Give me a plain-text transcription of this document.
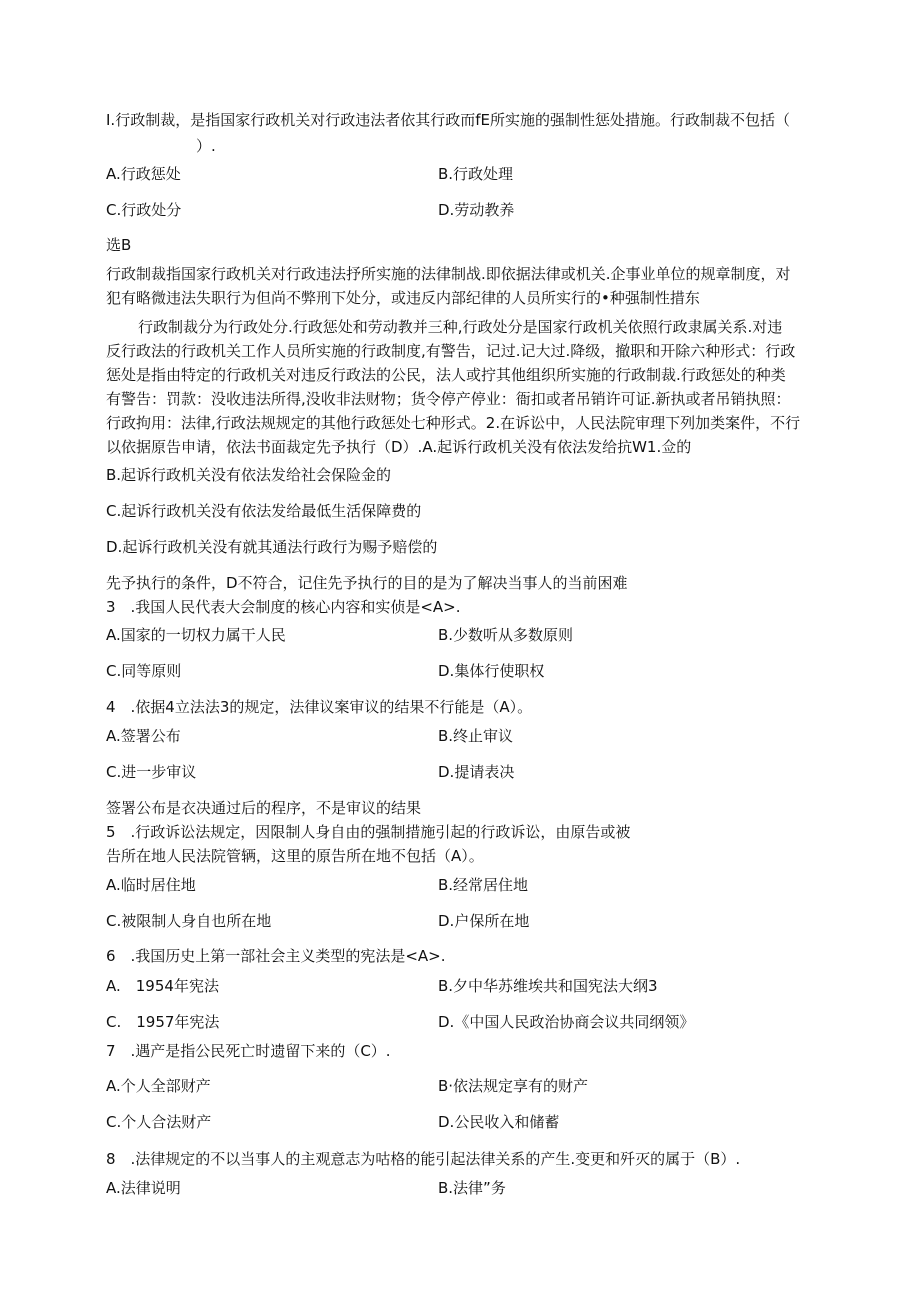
I.行政制裁，是指国家行政机关对行政违法者依其行政而fE所实施的强制性惩处措施。行政制裁不包括（
）.
A.行政惩处	B.行政处理
C.行政处分	D.劳动教养
选B
行政制裁指国家行政机关对行政违法抒所实施的法律制战.即依据法律或机关.企事业单位的规章制度，对
犯有略微违法失职行为但尚不弊刑下处分，或违反内部纪律的人员所实行的•种强制性措东
行政制裁分为行政处分.行政惩处和劳动教并三种,行政处分是国家行政机关依照行政隶属关系.对违
反行政法的行政机关工作人员所实施的行政制度,有警告，记过.记大过.降级，撤职和开除六种形式：行政
惩处是指由特定的行政机关对违反行政法的公民，法人或拧其他组织所实施的行政制裁.行政惩处的种类
有警告：罚款：没收违法所得,没收非法财物；货令停产停业：衙扣或者吊销许可证.新执或者吊销执照：
行政拘用：法律,行政法规规定的其他行政惩处七种形式。2.在诉讼中，人民法院审理下列加类案件，不行
以依据原告申请，依法书面裁定先予执行（D）.A.起诉行政机关没有依法发给抗W1.佥的
B.起诉行政机关没有依法发给社会保险金的
C.起诉行政机关没有依法发给最低生活保障费的
D.起诉行政机关没有就其通法行政行为赐予赔偿的
先予执行的条件，D不符合，记住先予执行的目的是为了解决当事人的当前困难
3　.我国人民代表大会制度的核心内容和实侦是<A>.
A.国家的一切权力属干人民	B.少数听从多数原则
C.同等原则	D.集体行使职权
4　.依据4立法法3的规定，法律议案审议的结果不行能是（A）。
A.签署公布	B.终止审议
C.进一步审议	D.提请表决
签署公布是衣决通过后的程序，不是审议的结果
5　.行政诉讼法规定，因限制人身自由的强制措施引起的行政诉讼，由原告或被
告所在地人民法院管辆，这里的原告所在地不包括（A）。
A.临时居住地	B.经常居住地
C.被限制人身自也所在地	D.户保所在地
6　.我国历史上第一部社会主义类型的宪法是<A>.
A.　1954年宪法	B.夕中华苏维埃共和国宪法大纲3
C.　1957年宪法	D.《中国人民政治协商会议共同纲领》
7　.遇产是指公民死亡时遗留下来的（C）.
A.个人全部财产	B·依法规定享有的财产
C.个人合法财产	D.公民收入和储蓄
8　.法律规定的不以当事人的主观意志为咕格的能引起法律关系的产生.变更和歼灭的属于（B）.
A.法律说明	B.法律”务
